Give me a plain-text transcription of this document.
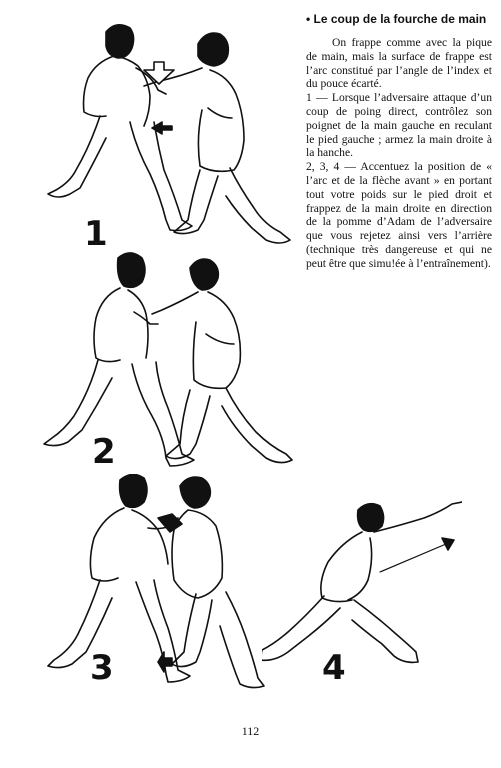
1
2
3	4

• Le coup de la fourche de main

On frappe comme avec la pique de main, mais la surface de frappe est l’arc constitué par l’angle de l’index et du pouce écarté.

1 — Lorsque l’adversaire attaque d’un coup de poing direct, contrôlez son poignet de la main gauche en reculant le pied gauche ; armez la main droite à la hanche.

2, 3, 4 — Accentuez la position de « l’arc et de la flèche avant » en portant tout votre poids sur le pied droit et frappez de la main droite en direction de la pomme d’Adam de l’adversaire que vous rejetez ainsi vers l’arrière (technique très dangereuse et qui ne peut être que simu!ée à l’entraînement).

112
